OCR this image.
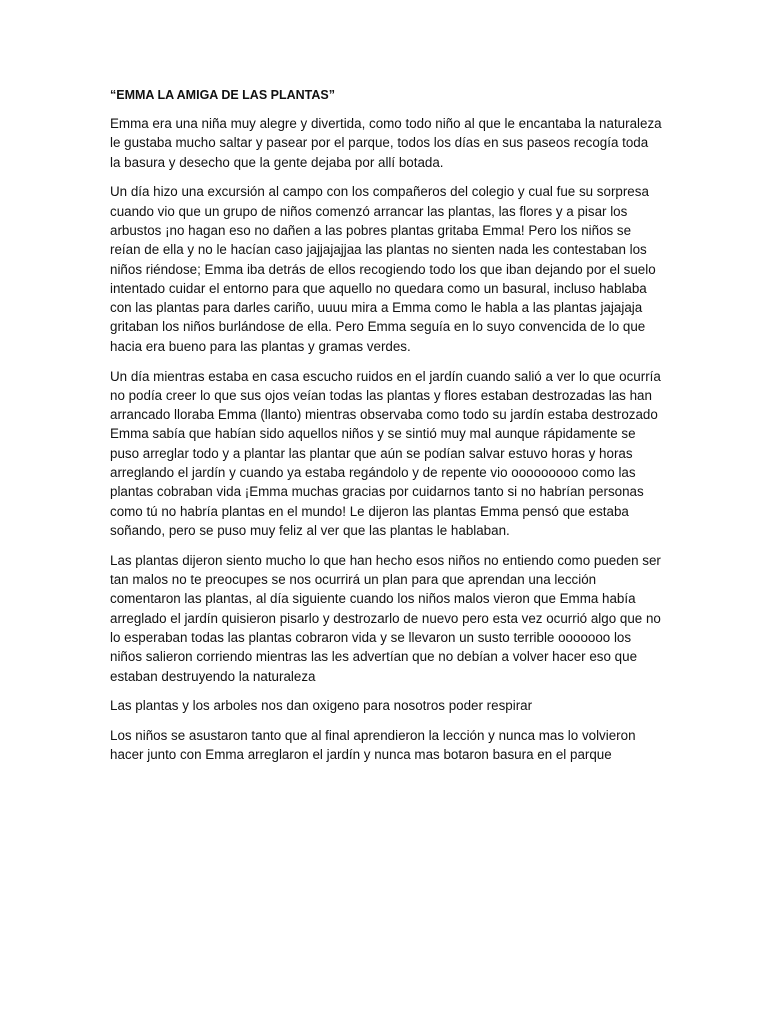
“EMMA LA AMIGA DE LAS PLANTAS”

Emma era una niña muy alegre y divertida, como todo niño al que le encantaba la naturaleza le gustaba mucho saltar y pasear por el parque, todos los días en sus paseos recogía toda la basura y desecho que la gente dejaba por allí botada.

Un día hizo una excursión al campo con los compañeros del colegio y cual fue su sorpresa cuando vio que un grupo de niños comenzó arrancar las plantas, las flores y a pisar los arbustos ¡no hagan eso no dañen a las pobres plantas gritaba Emma! Pero los niños se reían de ella y no le hacían caso jajjajajjaa las plantas no sienten nada les contestaban los niños riéndose; Emma iba detrás de ellos recogiendo todo los que iban dejando por el suelo intentado cuidar el entorno para que aquello no quedara como un basural, incluso hablaba con las plantas para darles cariño, uuuu mira a Emma como le habla a las plantas jajajaja gritaban los niños burlándose de ella. Pero Emma seguía en lo suyo convencida de lo que hacia era bueno para las plantas y gramas verdes.

Un día mientras estaba en casa escucho ruidos en el jardín cuando salió a ver lo que ocurría no podía creer lo que sus ojos veían todas las plantas y flores estaban destrozadas las han arrancado lloraba Emma (llanto) mientras observaba como todo su jardín estaba destrozado Emma sabía que habían sido aquellos niños y se sintió muy mal aunque rápidamente se puso arreglar todo y a plantar las plantar que aún se podían salvar estuvo horas y horas arreglando el jardín y cuando ya estaba regándolo y de repente vio ooooooooo como las plantas cobraban vida ¡Emma muchas gracias por cuidarnos tanto si no habrían personas como tú no habría plantas en el mundo! Le dijeron las plantas Emma pensó que estaba soñando, pero se puso muy feliz al ver que las plantas le hablaban.

Las plantas dijeron siento mucho lo que han hecho esos niños no entiendo como pueden ser tan malos no te preocupes se nos ocurrirá un plan para que aprendan una lección comentaron las plantas, al día siguiente cuando los niños malos vieron que Emma había arreglado el jardín quisieron pisarlo y destrozarlo de nuevo pero esta vez ocurrió algo que no lo esperaban todas las plantas cobraron vida y se llevaron un susto terrible ooooooo los niños salieron corriendo mientras las les advertían que no debían a volver hacer eso que estaban destruyendo la naturaleza

Las plantas y los arboles nos dan oxigeno para nosotros poder respirar

Los niños se asustaron tanto que al final aprendieron la lección y nunca mas lo volvieron hacer junto con Emma arreglaron el jardín y nunca mas botaron basura en el parque
